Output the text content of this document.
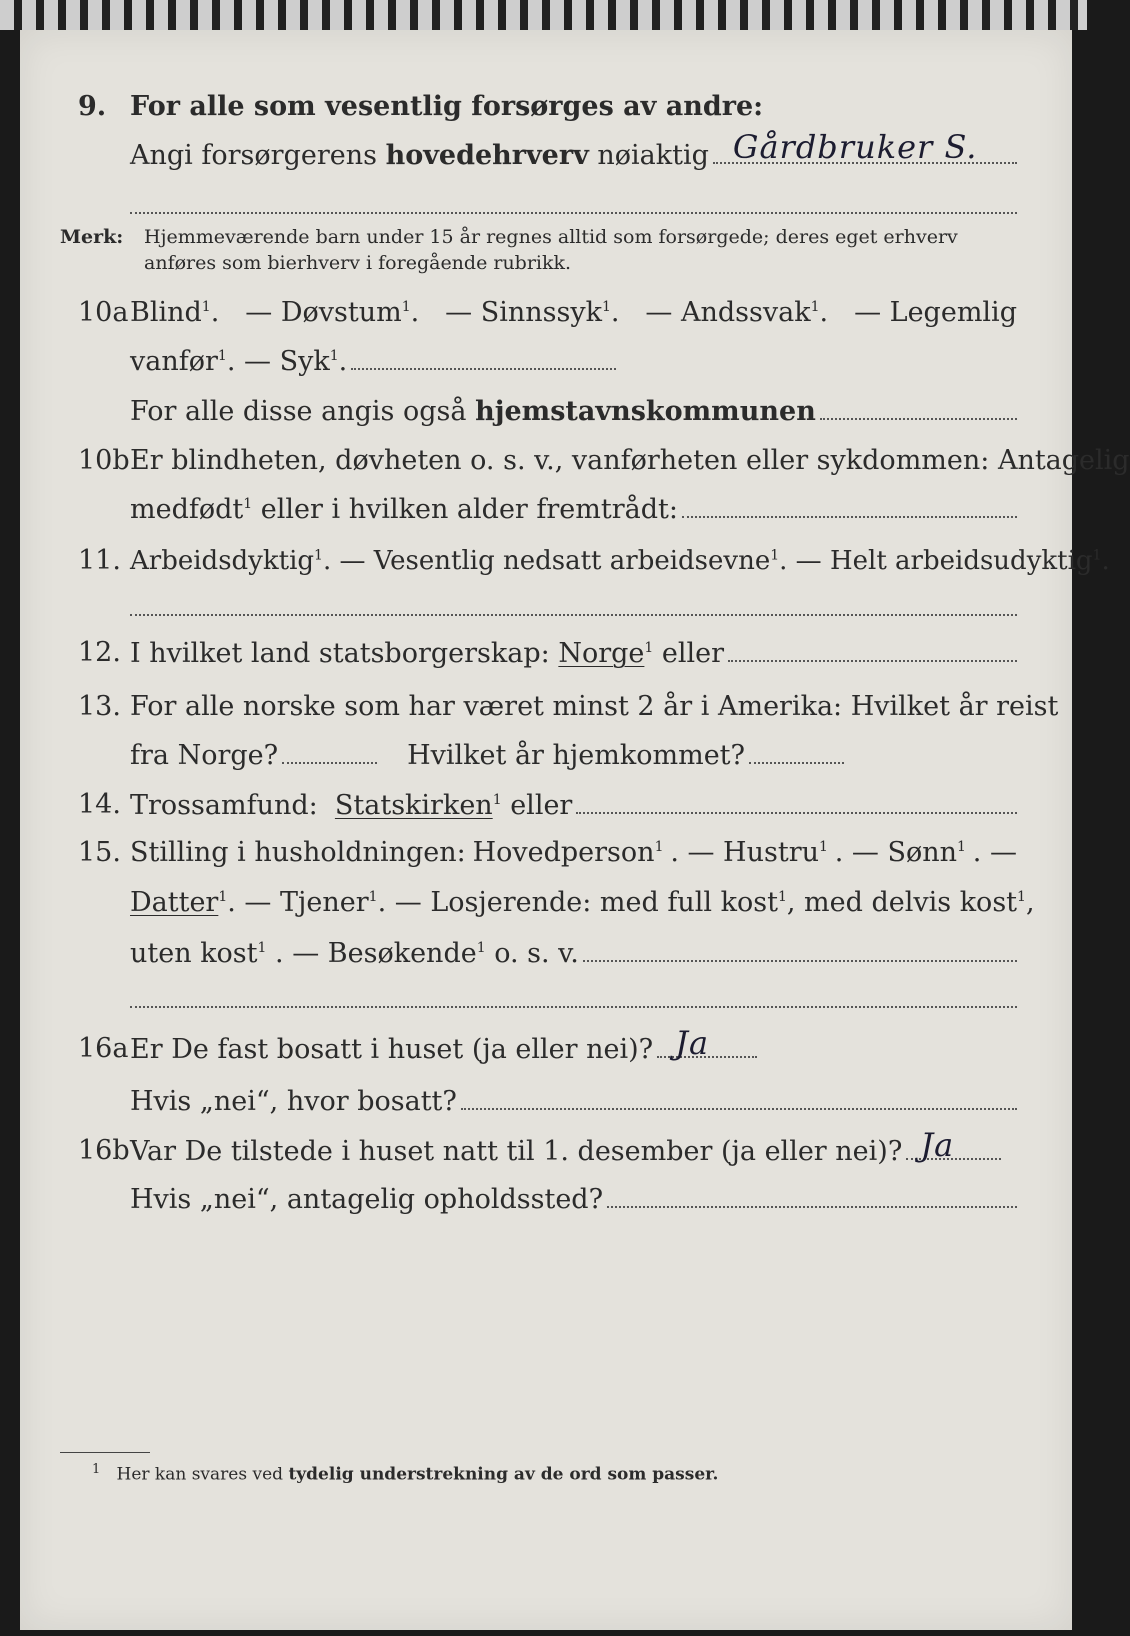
9. For alle som vesentlig forsørges av andre:
Angi forsørgerens
hovedehrverv
nøiaktig Gårdbruker S.
Merk: Hjemmeværende barn under 15 år regnes alltid som forsørgede; deres eget erhverv
anføres som bierhverv i foregående rubrikk.
10a Blind$^1$. — Døvstum$^1$. — Sinnssyk$^1$. — Andssvak$^1$. — Legemlig
vanfør$^1$.
— Syk$^1$.
For alle disse angis også
hjemstavnskommunen
10b Er blindheten, døvheten o. s. v., vanførheten eller sykdommen: Antagelig
medfødt$^1$
eller i hvilken alder fremtrådt:
11. Arbeidsdyktig$^1$ . — Vesentlig nedsatt arbeidsevne$^1$ . — Helt arbeidsudyktig$^1$.
12. I hvilket land statsborgerskap:
Norge$^1$
eller
13. For alle norske som har været minst 2 år i Amerika: Hvilket år reist
fra Norge?	Hvilket år hjemkommet?
14. Trossamfund:
Statskirken$^1$
eller
15. Stilling i husholdningen: Hovedperson$^1$ . — Hustru$^1$ . — Sønn$^1$ . —
Datter$^1$ . — Tjener$^1$ . — Losjerende: med full kost$^1$ , med delvis kost$^1$,
uten kost$^1$
. — Besøkende$^1$
o. s. v.
16a Er De fast bosatt i huset (ja eller nei)? Ja
Hvis „nei“, hvor bosatt?
16b Var De tilstede i huset natt til 1. desember (ja eller nei)? Ja
Hvis „nei“, antagelig opholdssted?
$^1$ Her kan svares ved tydelig understrekning av de ord som passer.
